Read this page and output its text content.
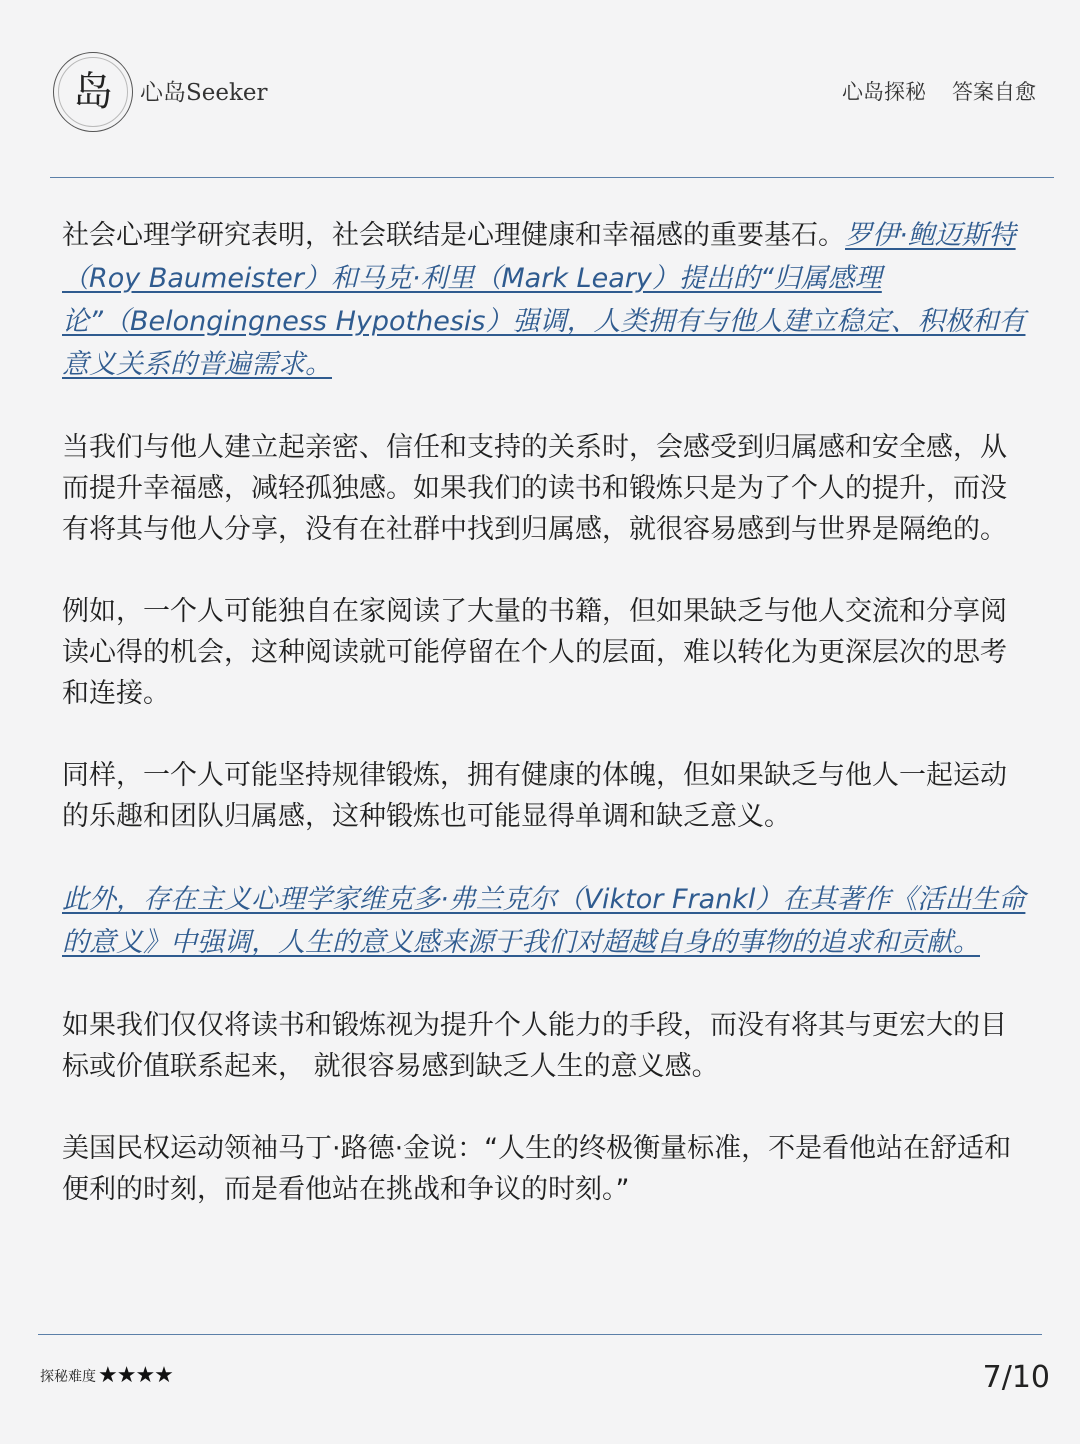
岛 心岛Seeker	心岛探秘 答案自愈

社会心理学研究表明，社会联结是心理健康和幸福感的重要基石。罗伊·鲍迈斯特（Roy Baumeister）和马克·利里（Mark Leary）提出的“归属感理论”（Belongingness Hypothesis）强调，人类拥有与他人建立稳定、积极和有意义关系的普遍需求。

当我们与他人建立起亲密、信任和支持的关系时，会感受到归属感和安全感，从而提升幸福感，减轻孤独感。如果我们的读书和锻炼只是为了个人的提升，而没有将其与他人分享，没有在社群中找到归属感，就很容易感到与世界是隔绝的。

例如，一个人可能独自在家阅读了大量的书籍，但如果缺乏与他人交流和分享阅读心得的机会，这种阅读就可能停留在个人的层面，难以转化为更深层次的思考和连接。

同样，一个人可能坚持规律锻炼，拥有健康的体魄，但如果缺乏与他人一起运动的乐趣和团队归属感，这种锻炼也可能显得单调和缺乏意义。

此外，存在主义心理学家维克多·弗兰克尔（Viktor Frankl）在其著作《活出生命的意义》中强调，人生的意义感来源于我们对超越自身的事物的追求和贡献。

如果我们仅仅将读书和锻炼视为提升个人能力的手段，而没有将其与更宏大的目标或价值联系起来， 就很容易感到缺乏人生的意义感。

美国民权运动领袖马丁·路德·金说：“人生的终极衡量标准，不是看他站在舒适和便利的时刻，而是看他站在挑战和争议的时刻。”

探秘难度 ★★★★	7/10
